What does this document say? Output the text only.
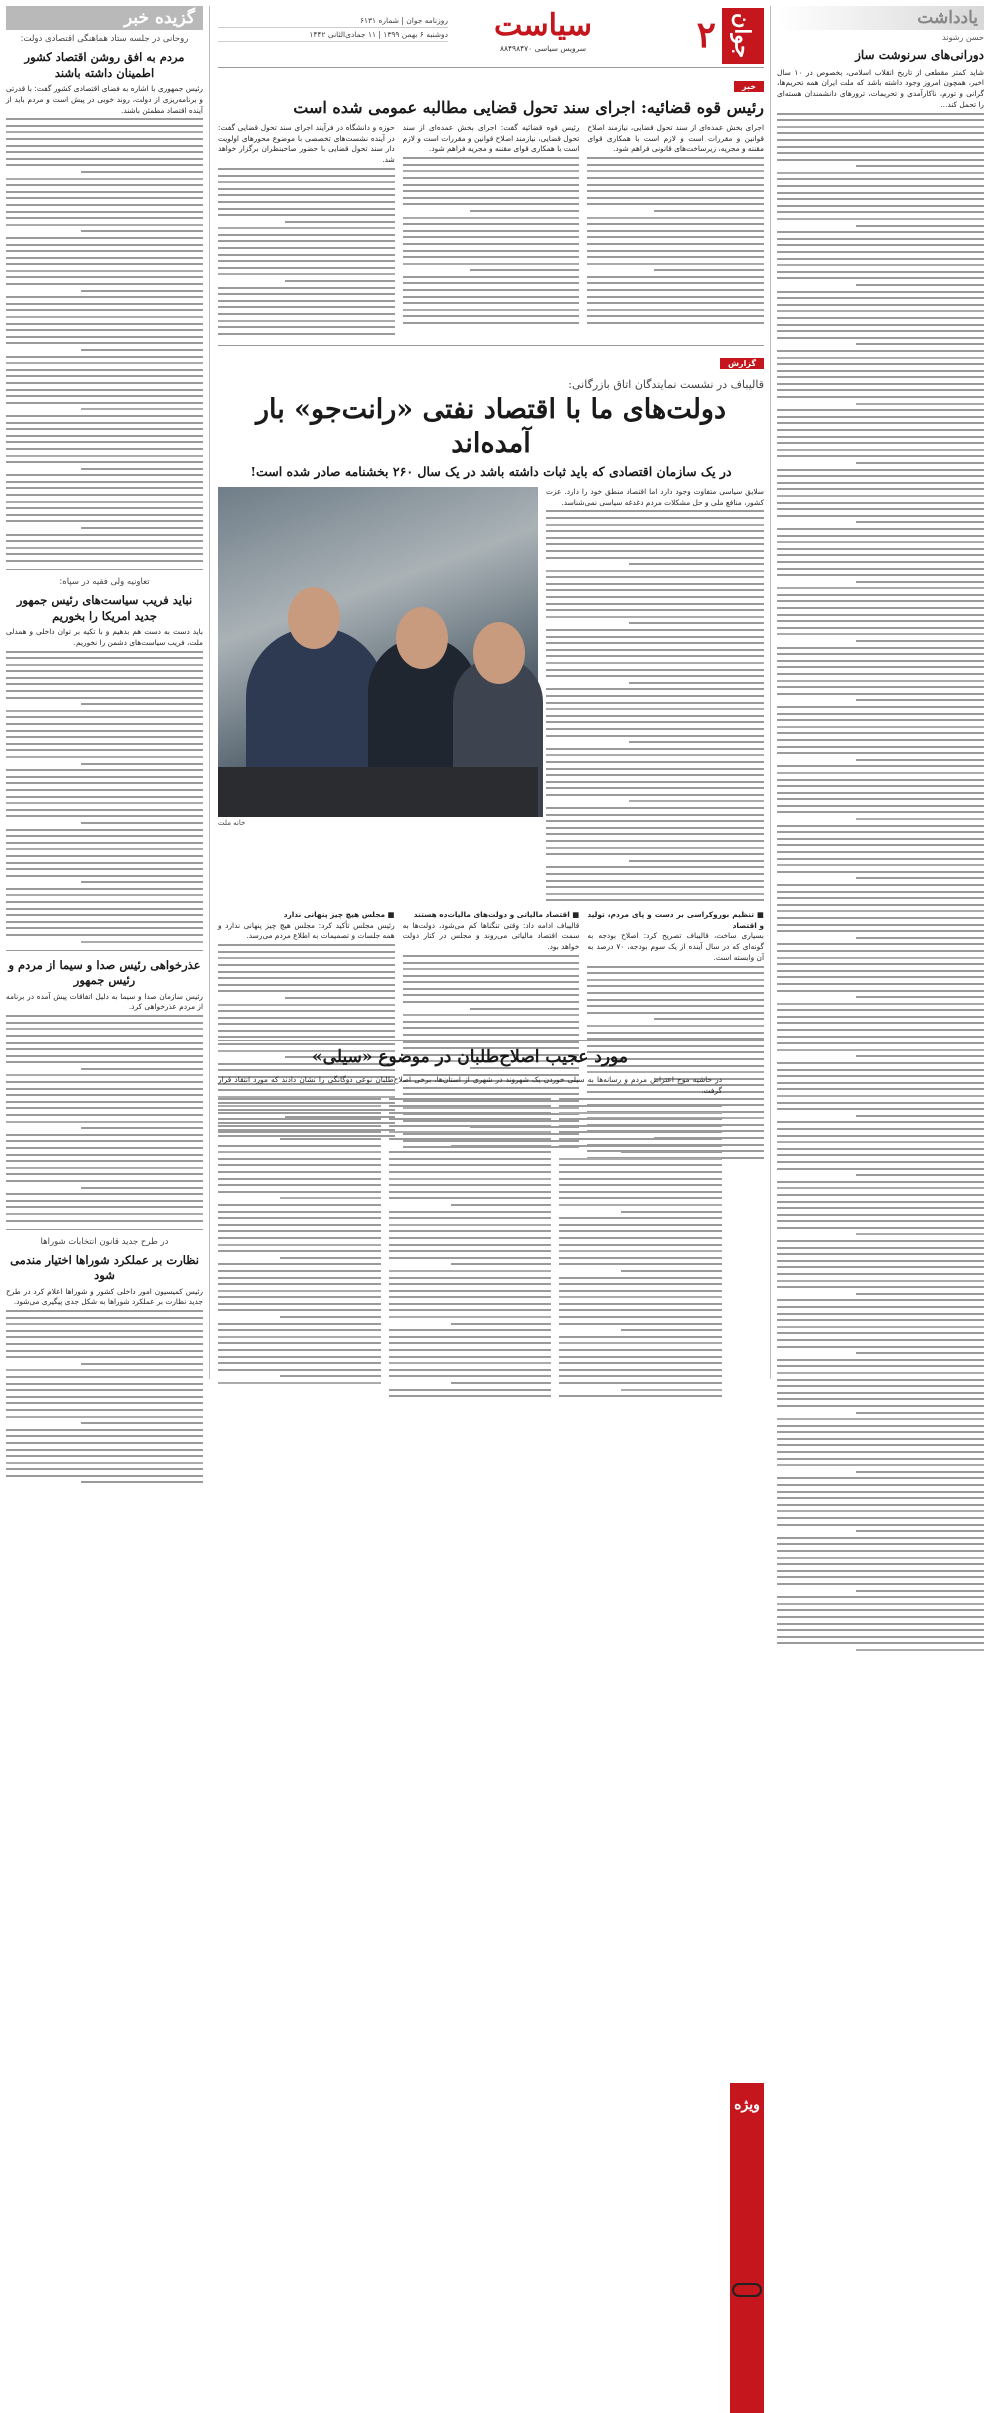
یادداشت
حسن رشوند
دورانی‌های سرنوشت ساز
شاید کمتر مقطعی از تاریخ انقلاب اسلامی، بخصوص در ۱۰ سال اخیر، همچون امروز وجود داشته باشد که ملت ایران همه تحریم‌ها، گرانی و تورم، ناکارآمدی و تحریمات، ترورهای دانشمندان هسته‌ای را تحمل کند...
گزیده خبر
روحانی در جلسه ستاد هماهنگی اقتصادی دولت:
مردم به افق روشن اقتصاد کشور اطمینان داشته باشند
رئیس جمهوری با اشاره به فضای اقتصادی کشور گفت: با قدرتی و برنامه‌ریزی از دولت، روند خوبی در پیش است و مردم باید از آینده اقتصاد مطمئن باشند.
تعاونیه ولی فقیه در سپاه:
نباید فریب سیاست‌های رئیس جمهور جدید امریکا را بخوریم
باید دست به دست هم بدهیم و با تکیه بر توان داخلی و همدلی ملت، فریب سیاست‌های دشمن را نخوریم.
عذرخواهی رئیس صدا و سیما از مردم و رئیس جمهور
رئیس سازمان صدا و سیما به دلیل اتفاقات پیش آمده در برنامه از مردم عذرخواهی کرد.
در طرح جدید قانون انتخابات شوراها
نظارت بر عملکرد شوراها اختیار مندمی شود
رئیس کمیسیون امور داخلی کشور و شوراها اعلام کرد در طرح جدید نظارت بر عملکرد شوراها به شکل جدی پیگیری می‌شود.
جوان
۲
سیاست
سرویس سیاسی ۸۸۴۹۸۴۷۰
روزنامه جوان | شماره ۶۱۳۱
دوشنبه ۶ بهمن ۱۳۹۹ | ۱۱ جمادی‌الثانی ۱۴۴۲
خبر
رئیس قوه قضائیه: اجرای سند تحول قضایی مطالبه عمومی شده است
اجرای بخش عمده‌ای از سند تحول قضایی، نیازمند اصلاح قوانین و مقررات است و لازم است با همکاری قوای مقننه و مجریه، زیرساخت‌های قانونی فراهم شود.
رئیس قوه قضائیه گفت: اجرای بخش عمده‌ای از سند تحول قضایی، نیازمند اصلاح قوانین و مقررات است و لازم است با همکاری قوای مقننه و مجریه فراهم شود.
حوزه و دانشگاه در فرآیند اجرای سند تحول قضایی گفت: در آینده نشست‌های تخصصی با موضوع محورهای اولویت دار سند تحول قضایی با حضور صاحبنظران برگزار خواهد شد.
گزارش
قالیباف در نشست نمایندگان اتاق بازرگانی:
دولت‌های ما با اقتصاد نفتی «رانت‌جو» بار آمده‌اند
در یک سازمان اقتصادی که باید ثبات داشته باشد در یک سال ۲۶۰ بخشنامه صادر شده است!
سلایق سیاسی متفاوت وجود دارد اما اقتصاد منطق خود را دارد. عزت کشور، منافع ملی و حل مشکلات مردم دغدغه سیاسی نمی‌شناسد.
خانه ملت
■ تنظیم بوروکراسی بر دست و پای مردم، تولید و اقتصاد
بسیاری ساخت، قالیباف تصریح کرد: اصلاح بودجه به گونه‌ای که در سال آینده از یک سوم بودجه، ۷۰ درصد به آن وابسته است.
■ اقتصاد مالیاتی و دولت‌های مالیات‌ده هستند
قالیباف ادامه داد: وقتی تنگنا‌ها کم می‌شود، دولت‌ها به سمت اقتصاد مالیاتی می‌روند و مجلس در کنار دولت خواهد بود.
■ مجلس هیچ چیز پنهانی ندارد
رئیس مجلس تأکید کرد: مجلس هیچ چیز پنهانی ندارد و همه جلسات و تصمیمات به اطلاع مردم می‌رسد.
ویژه
مورد عجیب اصلاح‌طلبان در موضوع «سیلی»
در حاشیه موج اعتراض مردم و رسانه‌ها به سیلی خوردن یک شهروند در شهری از استان‌ها، برخی اصلاح‌طلبان نوعی دوگانگی را نشان دادند که مورد انتقاد قرار گرفت.
